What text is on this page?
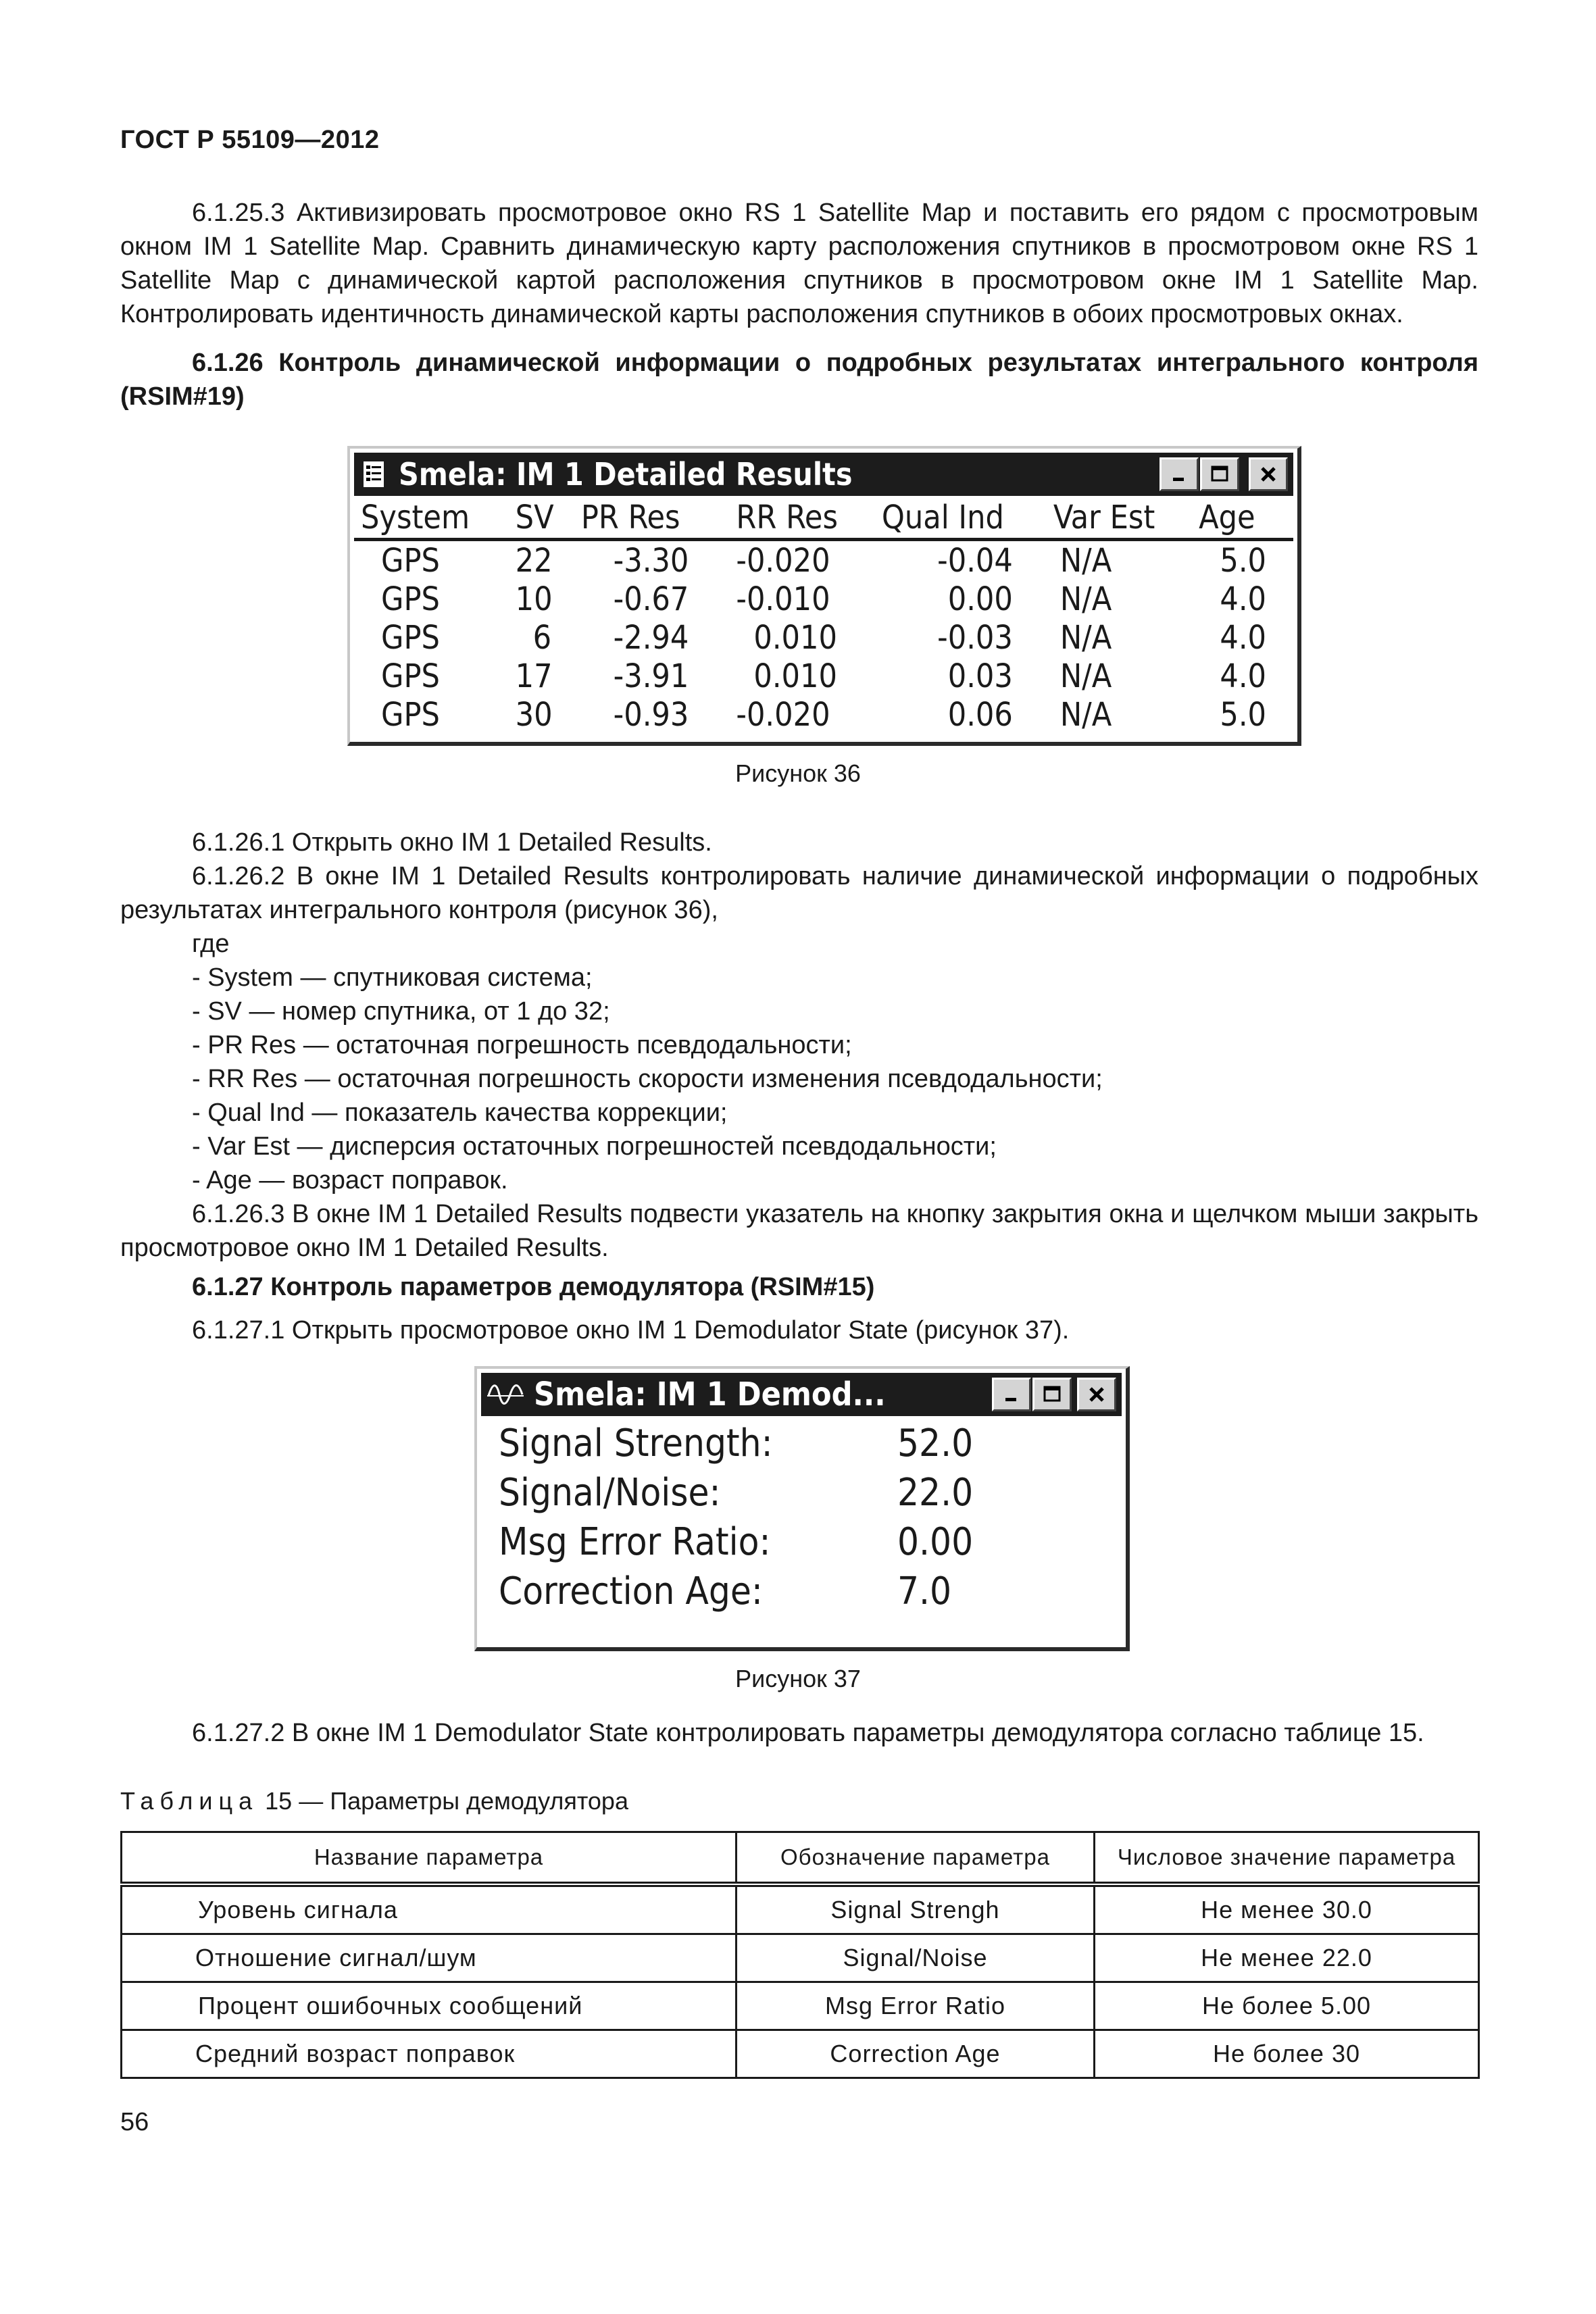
ГОСТ Р 55109—2012
6.1.25.3 Активизировать просмотровое окно RS 1 Satellite Map и поставить его рядом с просмотровым окном IM 1 Satellite Map. Сравнить динамическую карту расположения спутников в просмотровом окне RS 1 Satellite Map с динамической картой расположения спутников в просмотровом окне IM 1 Satellite Map. Контролировать идентичность динамической карты расположения спутников в обоих просмотровых окнах.
6.1.26 Контроль динамической информации о подробных результатах интегрального контроля (RSIM#19)
Smela: IM 1 Detailed Results
System	SV	PR Res	RR Res	Qual Ind	Var Est	Age
GPS	22	-3.30	-0.020	-0.04	N/A	5.0
GPS	10	-0.67	-0.010	0.00	N/A	4.0
GPS	6	-2.94	0.010	-0.03	N/A	4.0
GPS	17	-3.91	0.010	0.03	N/A	4.0
GPS	30	-0.93	-0.020	0.06	N/A	5.0
Рисунок 36
6.1.26.1 Открыть окно IM 1 Detailed Results.
6.1.26.2 В окне IM 1 Detailed Results контролировать наличие динамической информации о подробных результатах интегрального контроля (рисунок 36),
где
- System — спутниковая система;
- SV — номер спутника, от 1 до 32;
- PR Res — остаточная погрешность псевдодальности;
- RR Res — остаточная погрешность скорости изменения псевдодальности;
- Qual Ind — показатель качества коррекции;
- Var Est — дисперсия остаточных погрешностей псевдодальности;
- Age — возраст поправок.
6.1.26.3 В окне IM 1 Detailed Results подвести указатель на кнопку закрытия окна и щелчком мыши закрыть просмотровое окно IM 1 Detailed Results.
6.1.27 Контроль параметров демодулятора (RSIM#15)
6.1.27.1 Открыть просмотровое окно IM 1 Demodulator State (рисунок 37).
Smela: IM 1 Demod...
Signal Strength:	52.0
Signal/Noise:	22.0
Msg Error Ratio:	0.00
Correction Age:	7.0
Рисунок 37
6.1.27.2 В окне IM 1 Demodulator State контролировать параметры демодулятора согласно таблице 15.
Таблица 15 — Параметры демодулятора
Название параметра	Обозначение параметра	Числовое значение параметра
Уровень сигнала	Signal Strengh	Не менее 30.0
Отношение сигнал/шум	Signal/Noise	Не менее 22.0
Процент ошибочных сообщений	Msg Error Ratio	Не более 5.00
Средний возраст поправок	Correction Age	Не более 30
56
